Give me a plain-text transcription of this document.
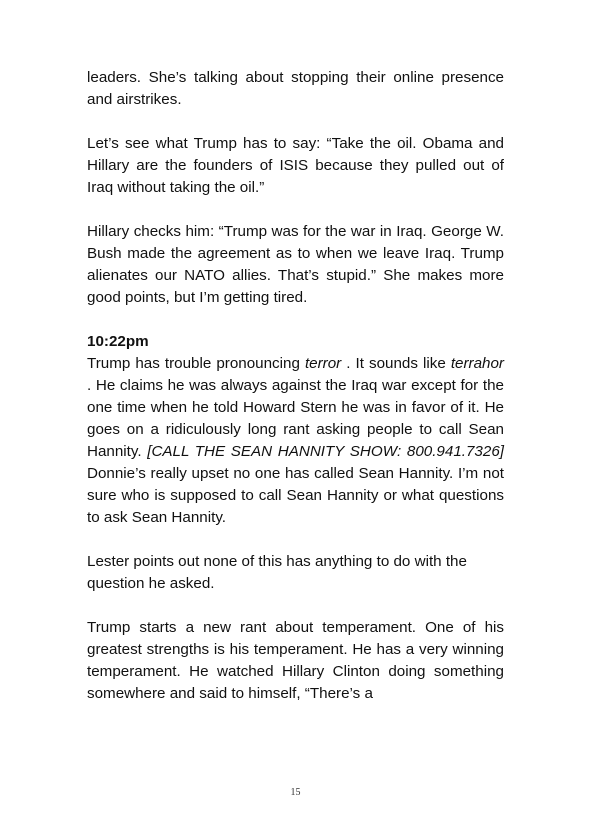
leaders. She’s talking about stopping their online presence and airstrikes.

Let’s see what Trump has to say: “Take the oil. Obama and Hillary are the founders of ISIS because they pulled out of Iraq without taking the oil.”

Hillary checks him: “Trump was for the war in Iraq. George W. Bush made the agreement as to when we leave Iraq. Trump alienates our NATO allies. That’s stupid.” She makes more good points, but I’m getting tired.

10:22pm

Trump has trouble pronouncing terror . It sounds like terrahor . He claims he was always against the Iraq war except for the one time when he told Howard Stern he was in favor of it. He goes on a ridiculously long rant asking people to call Sean Hannity. [CALL THE SEAN HANNITY SHOW: 800.941.7326] Donnie’s really upset no one has called Sean Hannity. I’m not sure who is supposed to call Sean Hannity or what questions to ask Sean Hannity.

Lester points out none of this has anything to do with the question he asked.

Trump starts a new rant about temperament. One of his greatest strengths is his temperament. He has a very winning temperament. He watched Hillary Clinton doing something somewhere and said to himself, “There’s a

15
